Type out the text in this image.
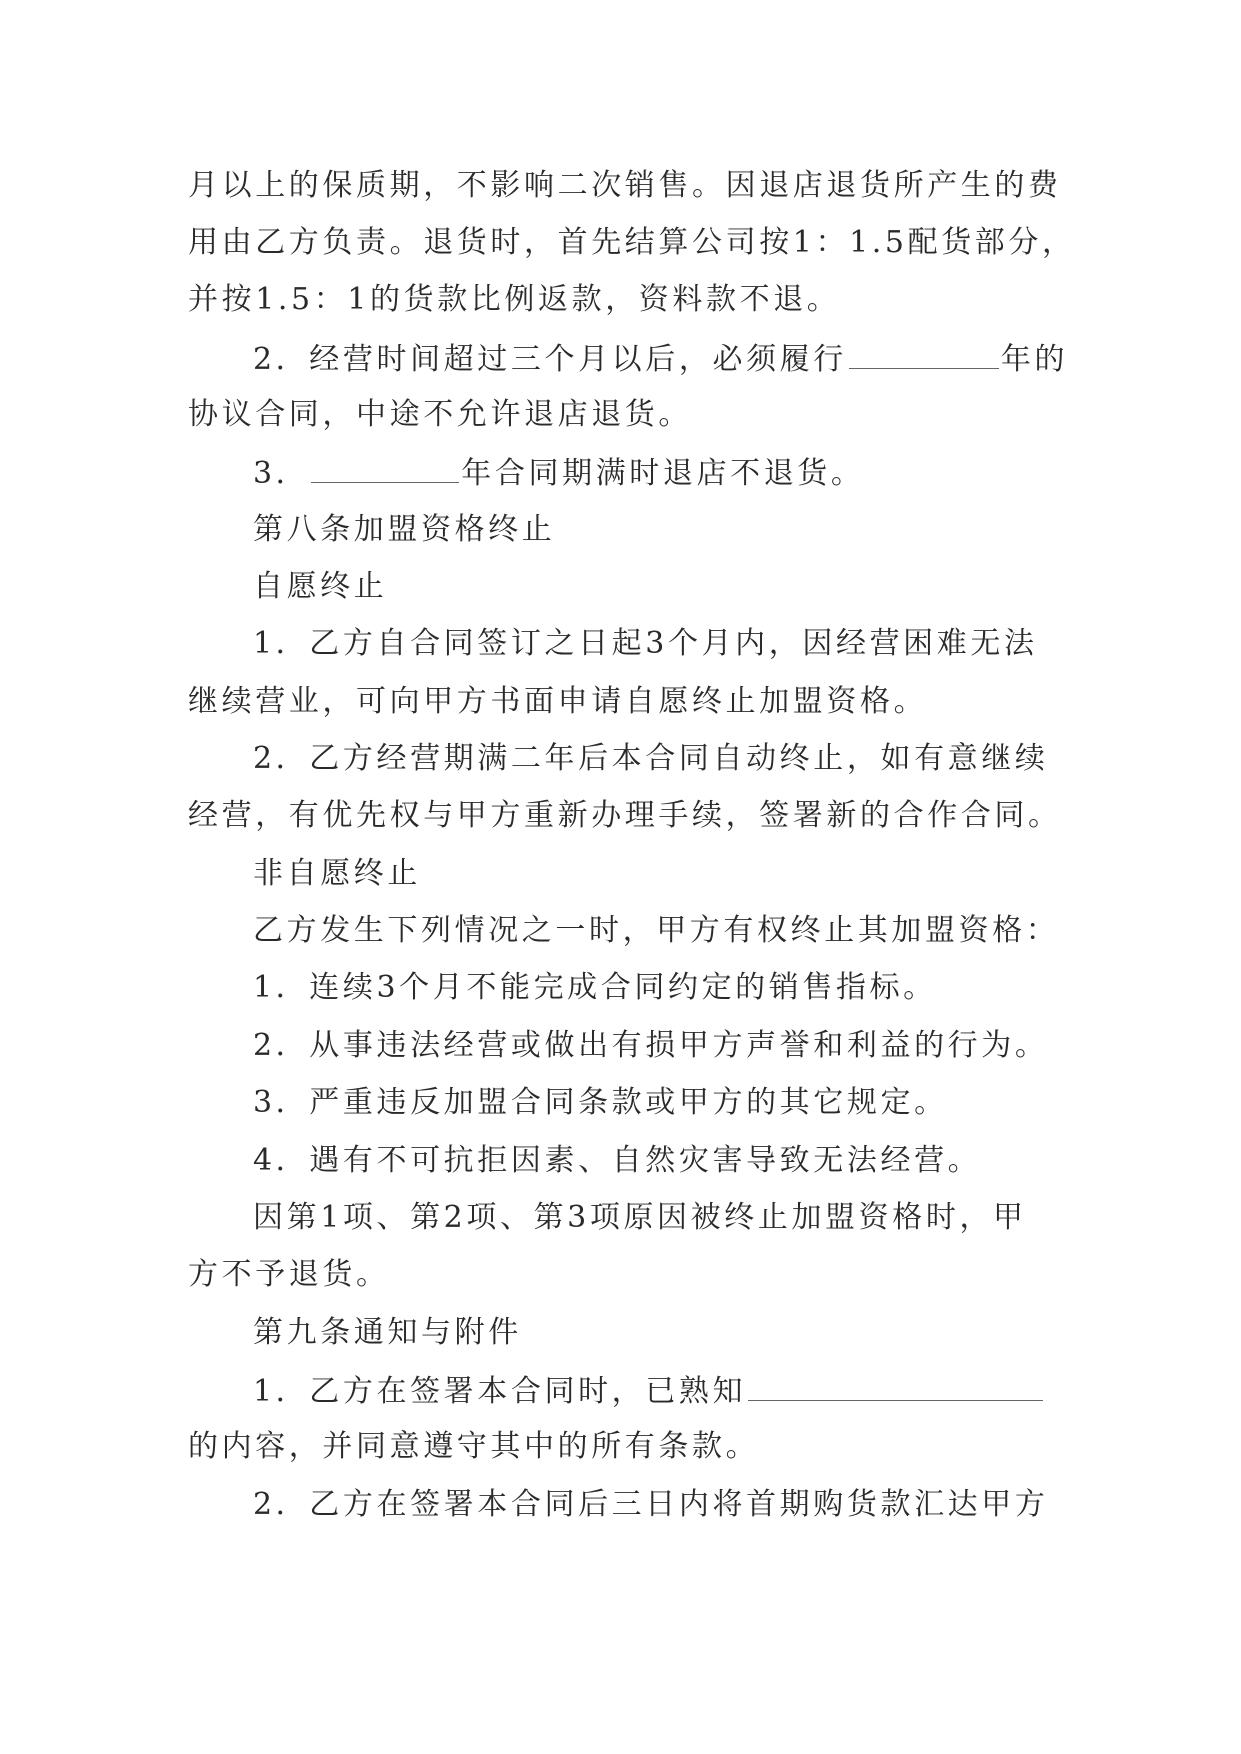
月以上的保质期，不影响二次销售。因退店退货所产生的费
用由乙方负责。退货时，首先结算公司按1：1.5配货部分，
并按1.5：1的货款比例返款，资料款不退。
2．经营时间超过三个月以后，必须履行	年的
协议合同，中途不允许退店退货。
3．	年合同期满时退店不退货。
第八条加盟资格终止
自愿终止
1．乙方自合同签订之日起3个月内，因经营困难无法
继续营业，可向甲方书面申请自愿终止加盟资格。
2．乙方经营期满二年后本合同自动终止，如有意继续
经营，有优先权与甲方重新办理手续，签署新的合作合同。
非自愿终止
乙方发生下列情况之一时，甲方有权终止其加盟资格：
1．连续3个月不能完成合同约定的销售指标。
2．从事违法经营或做出有损甲方声誉和利益的行为。
3．严重违反加盟合同条款或甲方的其它规定。
4．遇有不可抗拒因素、自然灾害导致无法经营。
因第1项、第2项、第3项原因被终止加盟资格时，甲
方不予退货。
第九条通知与附件
1．乙方在签署本合同时，已熟知
的内容，并同意遵守其中的所有条款。
2．乙方在签署本合同后三日内将首期购货款汇达甲方
